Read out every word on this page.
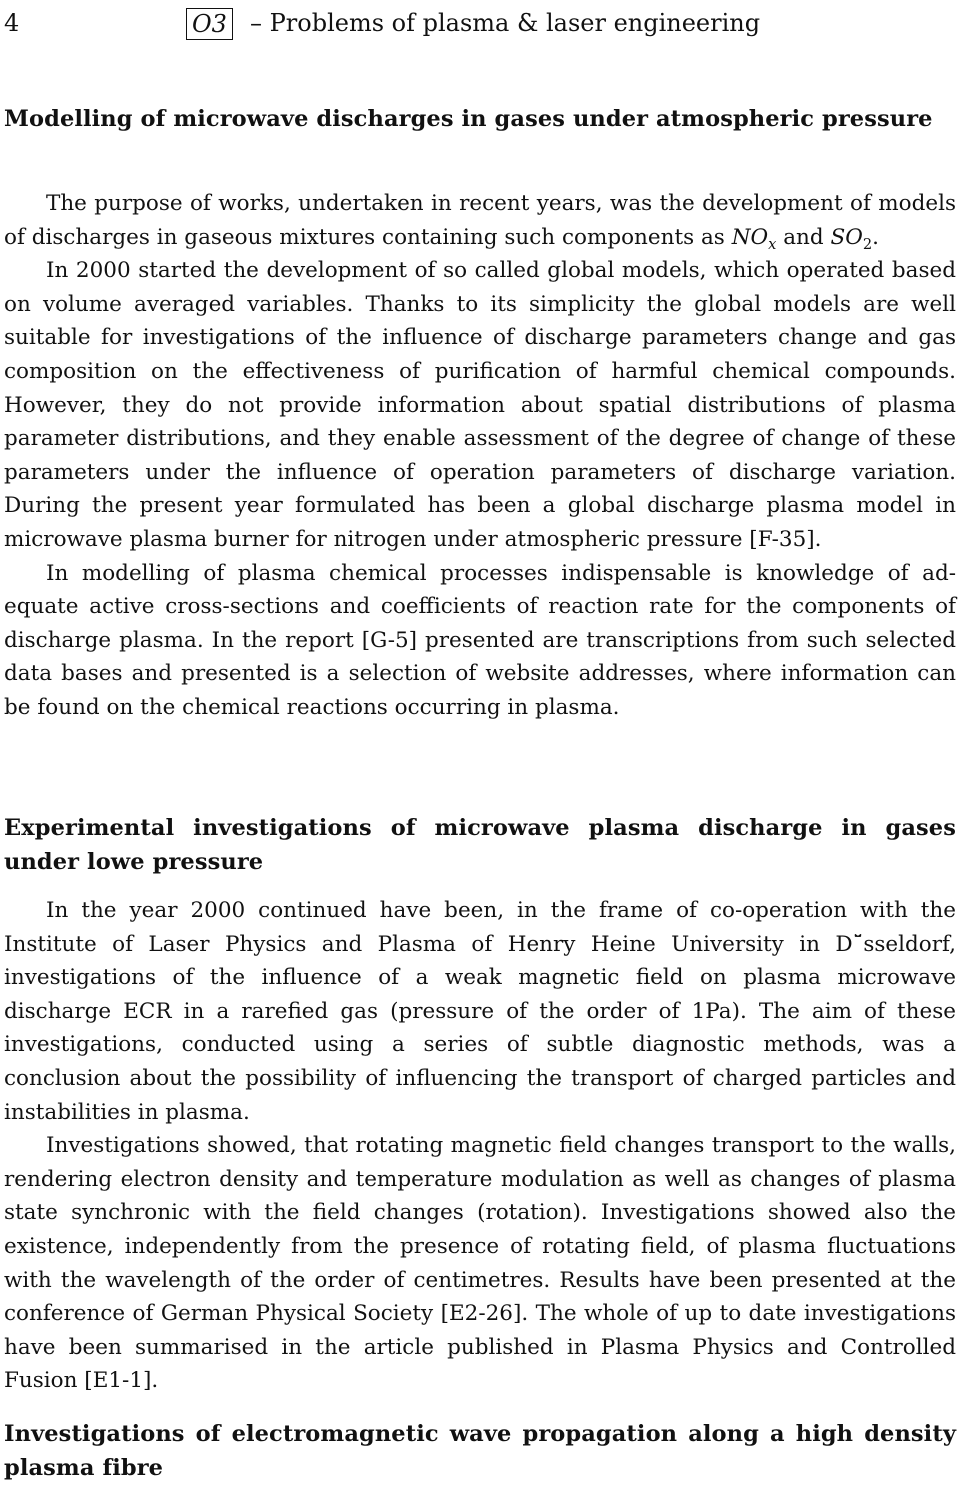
4	O3 – Problems of plasma & laser engineering
Modelling of microwave discharges in gases under atmospheric pressure

The purpose of works, undertaken in recent years, was the development of models of discharges in gaseous mixtures containing such components as $NO_x$ and $SO_2$.

In 2000 started the development of so called global models, which operated based on volume averaged variables. Thanks to its simplicity the global models are well suitable for investigations of the influence of discharge parameters change and gas composition on the effectiveness of purification of harmful chemical compounds. However, they do not provide information about spatial distributions of plasma parameter distributions, and they enable assessment of the degree of change of these parameters under the influence of operation parameters of discharge variation. During the present year formulated has been a global discharge plasma model in microwave plasma burner for nitrogen under atmospheric pressure [F-35].

In modelling of plasma chemical processes indispensable is knowledge of adequate active cross-sections and coefficients of reaction rate for the components of discharge plasma. In the report [G-5] presented are transcriptions from such selected data bases and presented is a selection of website addresses, where information can be found on the chemical reactions occurring in plasma.

Experimental investigations of microwave plasma discharge in gases under lowe pressure

In the year 2000 continued have been, in the frame of co-operation with the Institute of Laser Physics and Plasma of Henry Heine University in D˘̈sseldorf, investigations of the influence of a weak magnetic field on plasma microwave discharge ECR in a rarefied gas (pressure of the order of 1Pa). The aim of these investigations, conducted using a series of subtle diagnostic methods, was a conclusion about the possibility of influencing the transport of charged particles and instabilities in plasma.

Investigations showed, that rotating magnetic field changes transport to the walls, rendering electron density and temperature modulation as well as changes of plasma state synchronic with the field changes (rotation). Investigations showed also the existence, independently from the presence of rotating field, of plasma fluctuations with the wavelength of the order of centimetres. Results have been presented at the conference of German Physical Society [E2-26]. The whole of up to date investigations have been summarised in the article published in Plasma Physics and Controlled Fusion [E1-1].

Investigations of electromagnetic wave propagation along a high density plasma fibre
